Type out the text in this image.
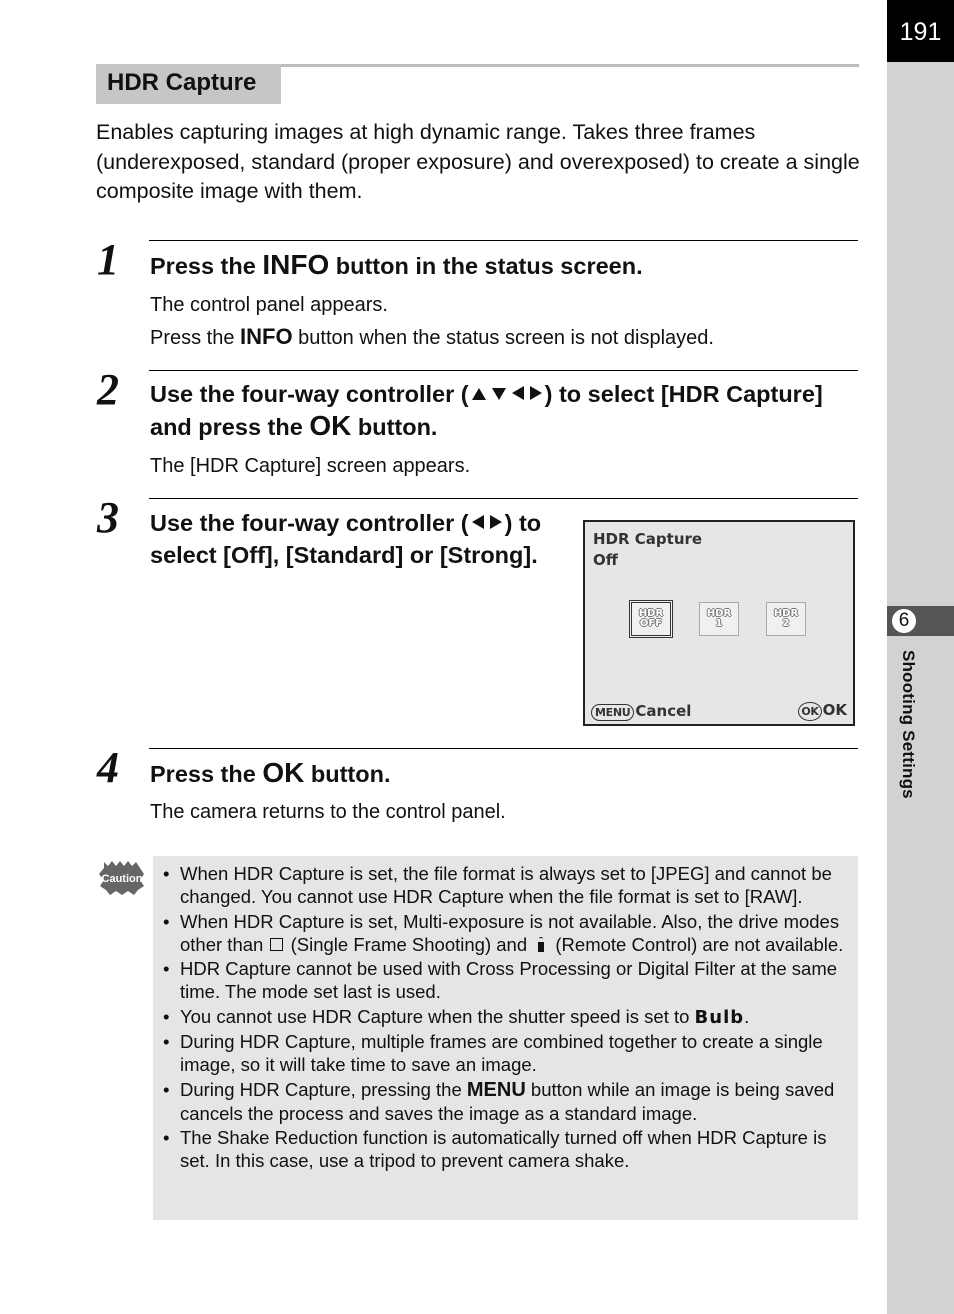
191
6
Shooting Settings
HDR Capture
Enables capturing images at high dynamic range. Takes three frames (underexposed, standard (proper exposure) and overexposed) to create a single composite image with them.
1 Press the INFO button in the status screen.
The control panel appears.
Press the INFO button when the status screen is not displayed.
2 Use the four-way controller (	) to select [HDR Capture] and press the OK button.
The [HDR Capture] screen appears.
3 Use the four-way controller ( ) to select [Off], [Standard] or [Strong].
HDR Capture
Off
HDR
OFF
HDR
1
HDR
2
MENU Cancel	OK OK
4 Press the OK button.
The camera returns to the control panel.
Caution
•	When HDR Capture is set, the file format is always set to [JPEG] and cannot be changed. You cannot use HDR Capture when the file format is set to [RAW].
• When HDR Capture is set, Multi-exposure is not available. Also, the drive modes other than  (Single Frame Shooting) and
(Remote Control) are not available.
• HDR Capture cannot be used with Cross Processing or Digital Filter at the same time. The mode set last is used.
• You cannot use HDR Capture when the shutter speed is set to Bulb.
• During HDR Capture, multiple frames are combined together to create a single image, so it will take time to save an image.
• During HDR Capture, pressing the MENU button while an image is being saved cancels the process and saves the image as a standard image.
• The Shake Reduction function is automatically turned off when HDR Capture is set. In this case, use a tripod to prevent camera shake.
